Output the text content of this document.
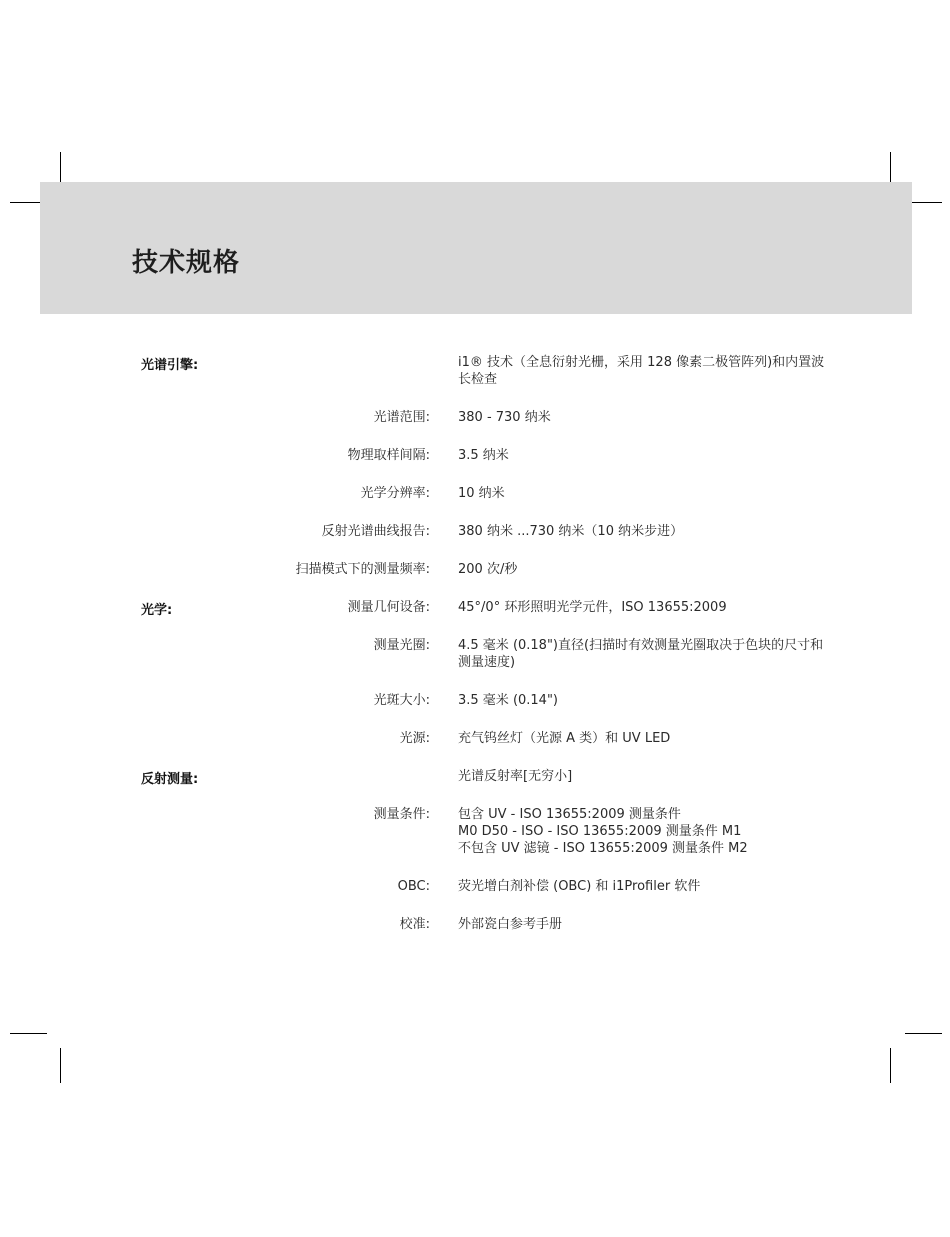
技术规格
光谱引擎:	i1® 技术（全息衍射光栅，采用 128 像素二极管阵列)和内置波长检查
光谱范围: 380 - 730 纳米
物理取样间隔: 3.5 纳米
光学分辨率: 10 纳米
反射光谱曲线报告: 380 纳米 ...730 纳米（10 纳米步进）
扫描模式下的测量频率: 200 次/秒
光学:	测量几何设备: 45°/0° 环形照明光学元件，ISO 13655:2009
测量光圈: 4.5 毫米 (0.18")直径(扫描时有效测量光圈取决于色块的尺寸和测量速度)
光斑大小: 3.5 毫米 (0.14")
光源: 充气钨丝灯（光源 A 类）和 UV LED
反射测量:	光谱反射率[无穷小]
测量条件: 包含 UV - ISO 13655:2009 测量条件
M0 D50 - ISO - ISO 13655:2009 测量条件 M1
不包含 UV 滤镜 - ISO 13655:2009 测量条件 M2
OBC: 荧光增白剂补偿 (OBC) 和 i1Profiler 软件
校准: 外部瓷白参考手册
